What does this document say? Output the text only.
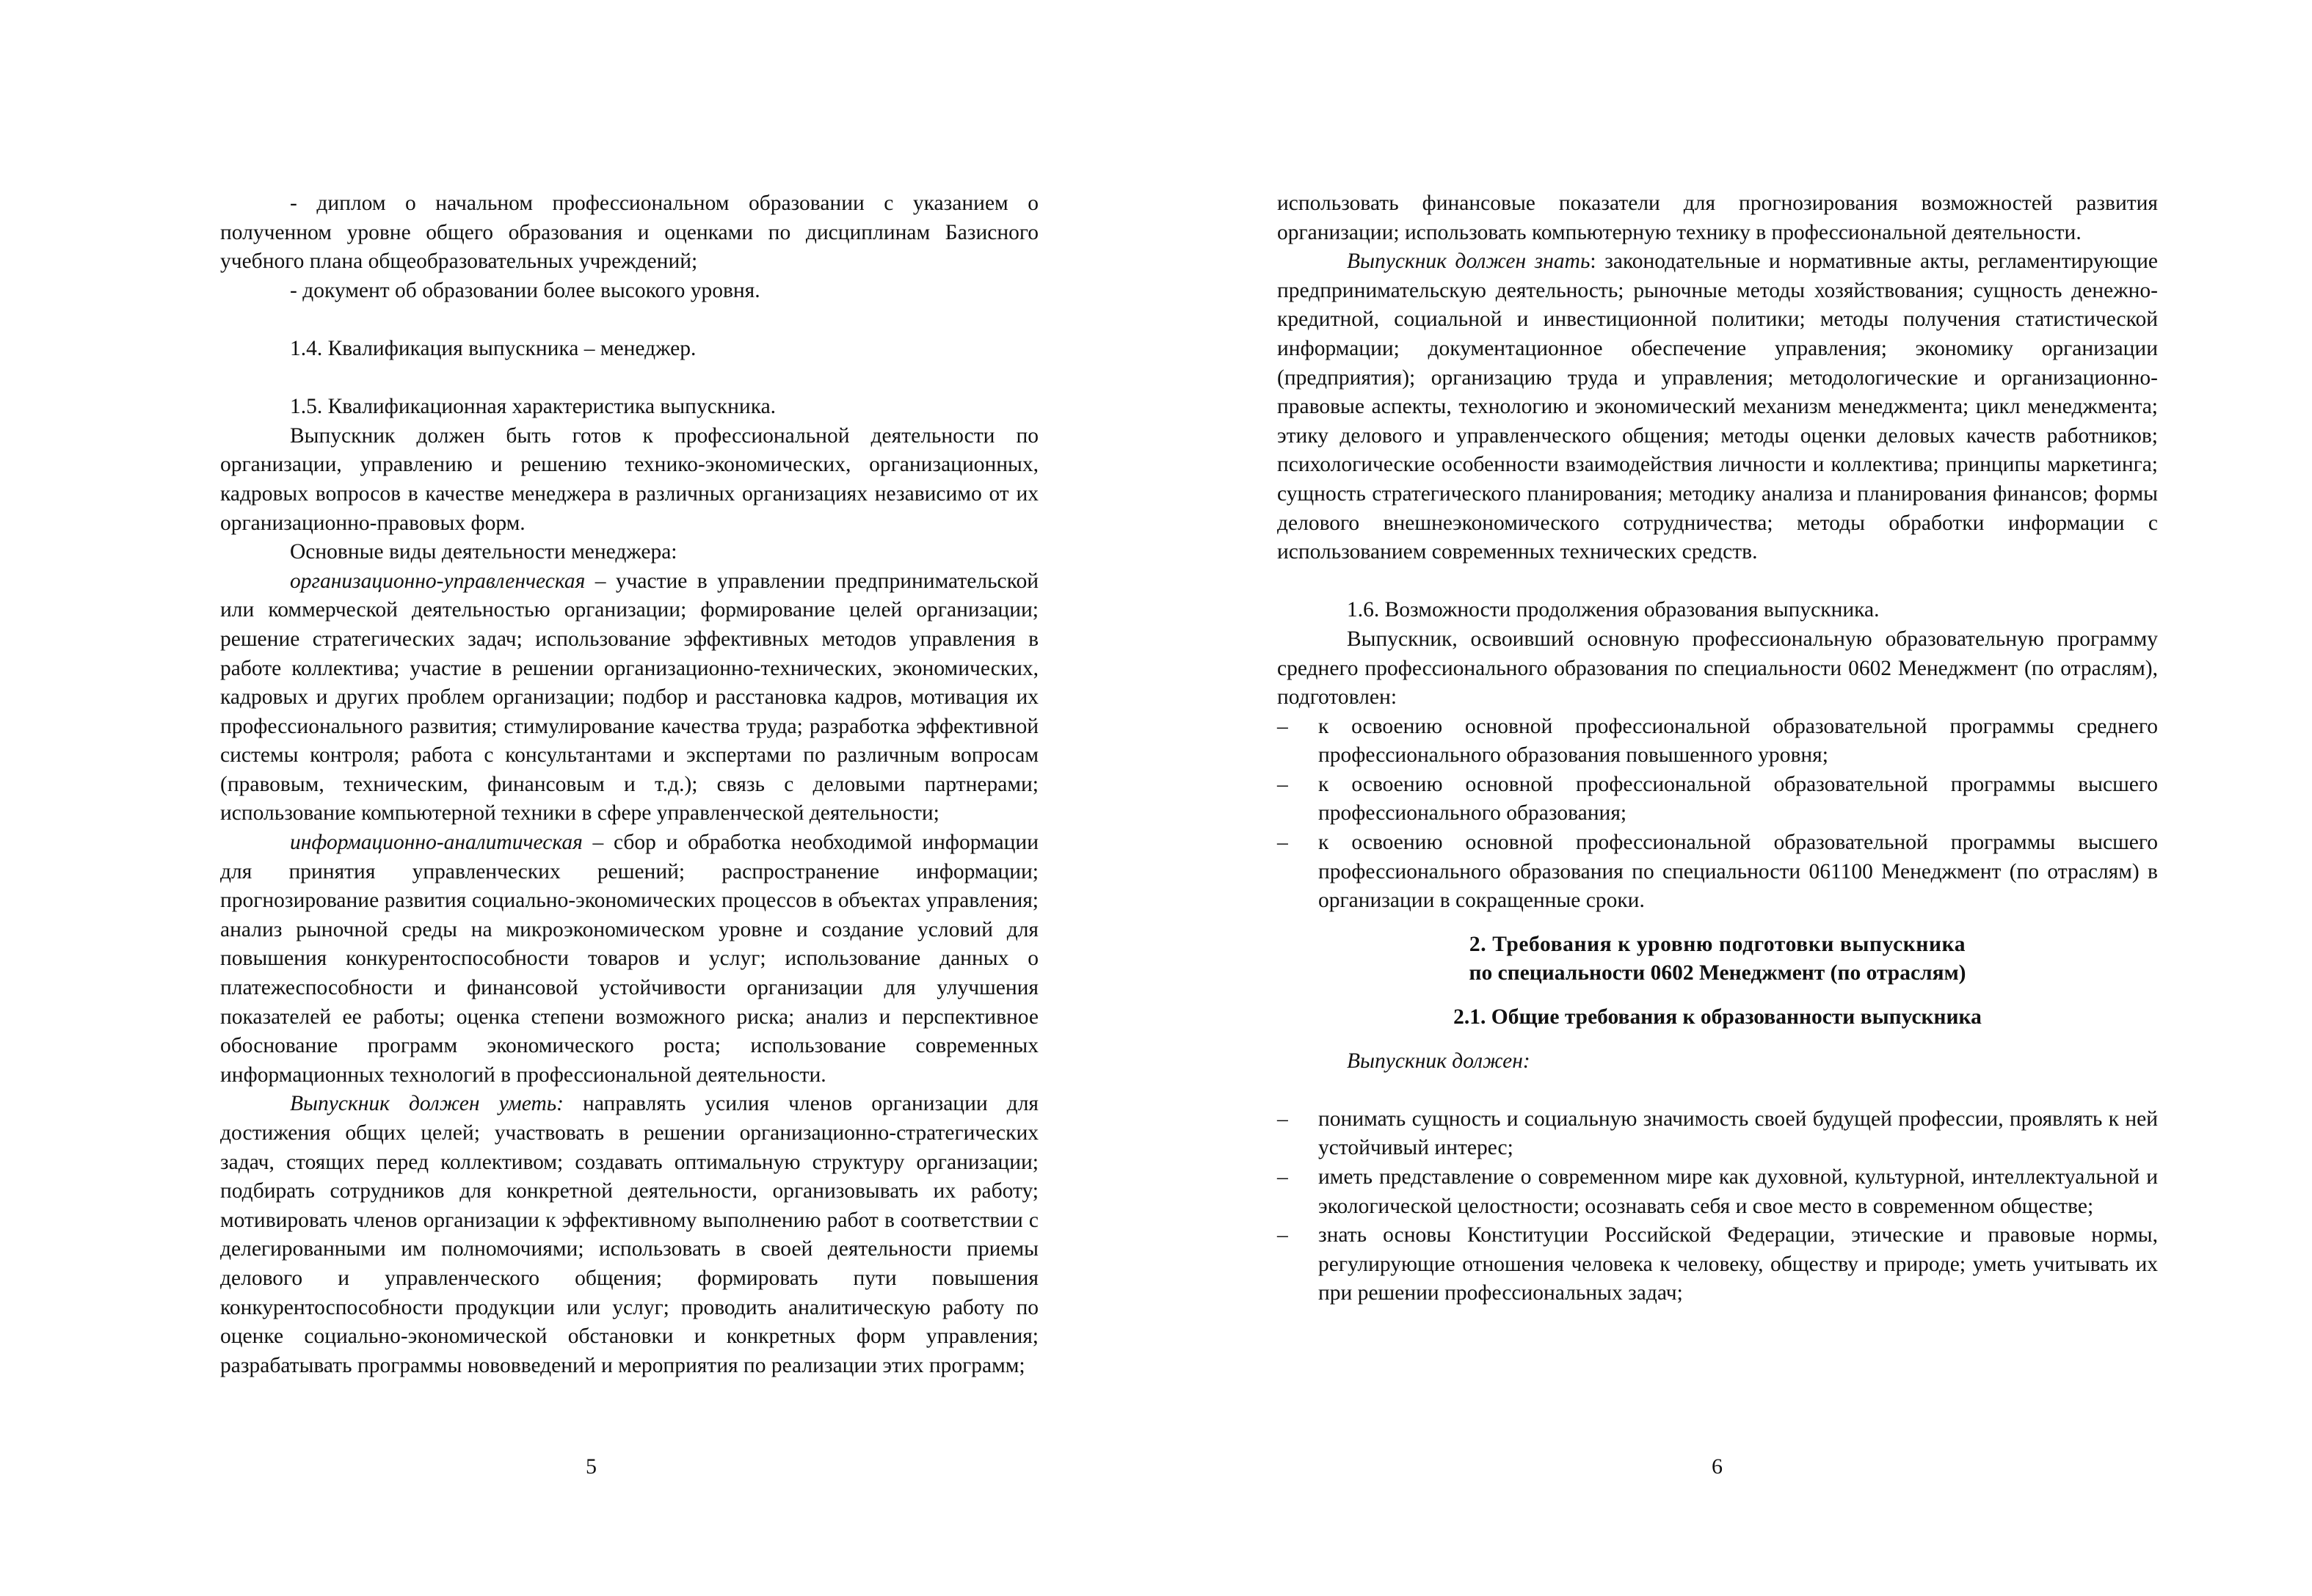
- диплом о начальном профессиональном образовании с указанием о полученном уровне общего образования и оценками по дисциплинам Базисного учебного плана общеобразовательных учреждений;

- документ об образовании более высокого уровня.

1.4. Квалификация выпускника – менеджер.

1.5. Квалификационная характеристика выпускника.

Выпускник должен быть готов к профессиональной деятельности по организации, управлению и решению технико-экономических, организационных, кадровых вопросов в качестве менеджера в различных организациях независимо от их организационно-правовых форм.

Основные виды деятельности менеджера:

организационно-управленческая – участие в управлении предпринимательской или коммерческой деятельностью организации; формирование целей организации; решение стратегических задач; использование эффективных методов управления в работе коллектива; участие в решении организационно-технических, экономических, кадровых и других проблем организации; подбор и расстановка кадров, мотивация их профессионального развития; стимулирование качества труда; разработка эффективной системы контроля; работа с консультантами и экспертами по различным вопросам (правовым, техническим, финансовым и т.д.); связь с деловыми партнерами; использование компьютерной техники в сфере управленческой деятельности;

информационно-аналитическая – сбор и обработка необходимой информации для принятия управленческих решений; распространение информации; прогнозирование развития социально-экономических процессов в объектах управления; анализ рыночной среды на микроэкономическом уровне и создание условий для повышения конкурентоспособности товаров и услуг; использование данных о платежеспособности и финансовой устойчивости организации для улучшения показателей ее работы; оценка степени возможного риска; анализ и перспективное обоснование программ экономического роста; использование современных информационных технологий в профессиональной деятельности.

Выпускник должен уметь: направлять усилия членов организации для достижения общих целей; участвовать в решении организационно-стратегических задач, стоящих перед коллективом; создавать оптимальную структуру организации; подбирать сотрудников для конкретной деятельности, организовывать их работу; мотивировать членов организации к эффективному выполнению работ в соответствии с делегированными им полномочиями; использовать в своей деятельности приемы делового и управленческого общения; формировать пути повышения конкурентоспособности продукции или услуг; проводить аналитическую работу по оценке социально-экономической обстановки и конкретных форм управления; разрабатывать программы нововведений и мероприятия по реализации этих программ;

5

использовать финансовые показатели для прогнозирования возможностей развития организации; использовать компьютерную технику в профессиональной деятельности.

Выпускник должен знать: законодательные и нормативные акты, регламентирующие предпринимательскую деятельность; рыночные методы хозяйствования; сущность денежно-кредитной, социальной и инвестиционной политики; методы получения статистической информации; документационное обеспечение управления; экономику организации (предприятия); организацию труда и управления; методологические и организационно-правовые аспекты, технологию и экономический механизм менеджмента; цикл менеджмента; этику делового и управленческого общения; методы оценки деловых качеств работников; психологические особенности взаимодействия личности и коллектива; принципы маркетинга; сущность стратегического планирования; методику анализа и планирования финансов; формы делового внешнеэкономического сотрудничества; методы обработки информации с использованием современных технических средств.

1.6. Возможности продолжения образования выпускника.

Выпускник, освоивший основную профессиональную образовательную программу среднего профессионального образования по специальности 0602 Менеджмент (по отраслям), подготовлен:

– к освоению основной профессиональной образовательной программы среднего профессионального образования повышенного уровня;
– к освоению основной профессиональной образовательной программы высшего профессионального образования;
– к освоению основной профессиональной образовательной программы высшего профессионального образования по специальности 061100 Менеджмент (по отраслям) в организации в сокращенные сроки.

2. Требования к уровню подготовки выпускника

по специальности 0602 Менеджмент (по отраслям)

2.1. Общие требования к образованности выпускника

Выпускник должен:

– понимать сущность и социальную значимость своей будущей профессии, проявлять к ней устойчивый интерес;
– иметь представление о современном мире как духовной, культурной, интеллектуальной и экологической целостности; осознавать себя и свое место в современном обществе;
– знать основы Конституции Российской Федерации, этические и правовые нормы, регулирующие отношения человека к человеку, обществу и природе; уметь учитывать их при решении профессиональных задач;
6
